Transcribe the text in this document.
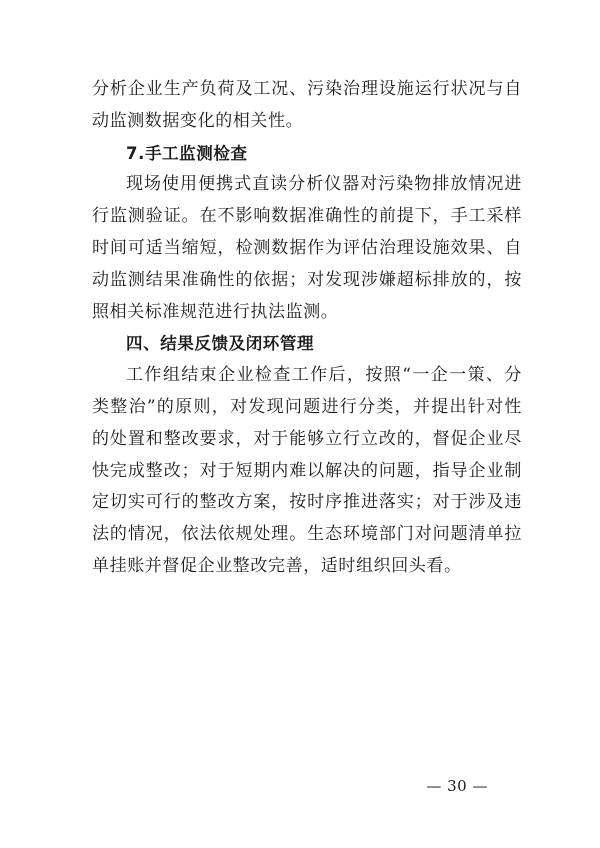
分析企业生产负荷及工况、污染治理设施运行状况与自动监测数据变化的相关性。

7.手工监测检查

现场使用便携式直读分析仪器对污染物排放情况进行监测验证。在不影响数据准确性的前提下，手工采样时间可适当缩短，检测数据作为评估治理设施效果、自动监测结果准确性的依据；对发现涉嫌超标排放的，按照相关标准规范进行执法监测。

四、结果反馈及闭环管理

工作组结束企业检查工作后，按照“一企一策、分类整治”的原则，对发现问题进行分类，并提出针对性的处置和整改要求，对于能够立行立改的，督促企业尽快完成整改；对于短期内难以解决的问题，指导企业制定切实可行的整改方案，按时序推进落实；对于涉及违法的情况，依法依规处理。生态环境部门对问题清单拉单挂账并督促企业整改完善，适时组织回头看。

— 30 —
